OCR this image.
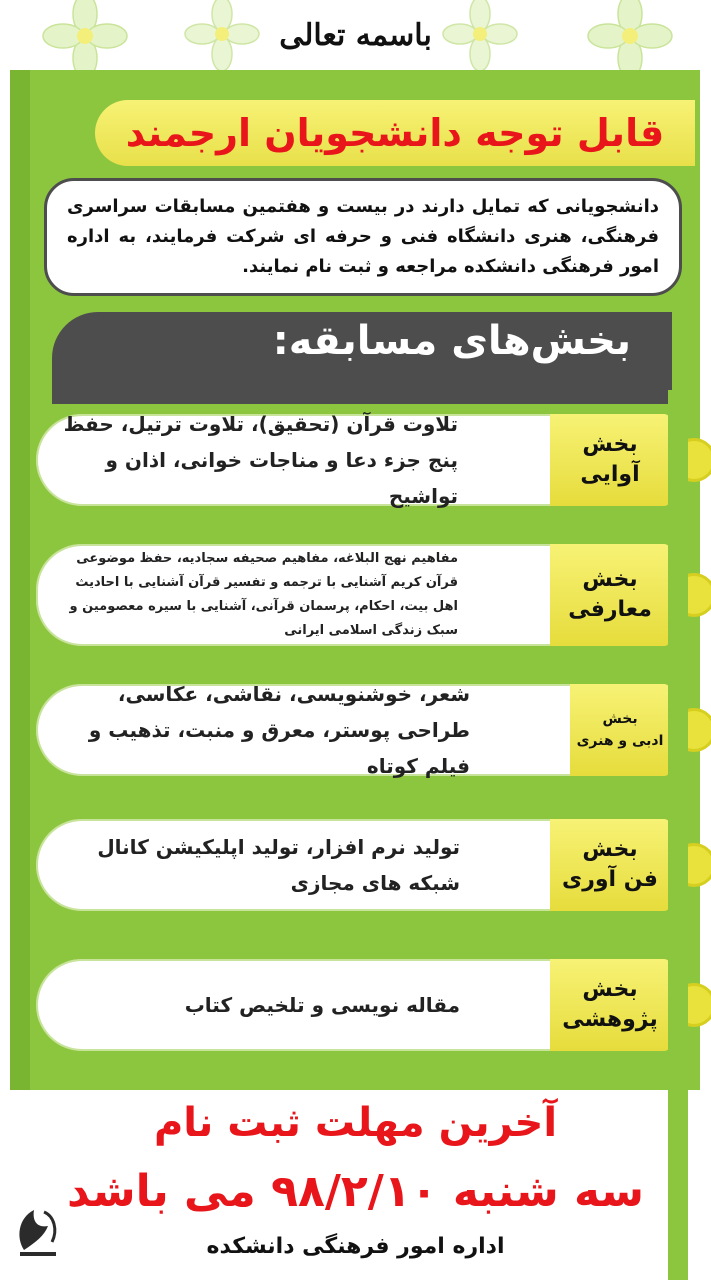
باسمه تعالی
قابل توجه دانشجویان ارجمند
دانشجویانی که تمایل دارند در بیست و هفتمین مسابقات سراسری فرهنگی، هنری دانشگاه فنی و حرفه ای شرکت فرمایند، به اداره امور فرهنگی دانشکده مراجعه و ثبت نام نمایند.
بخش‌های مسابقه:
تلاوت قرآن (تحقیق)، تلاوت ترتیل، حفظ پنج جزء دعا و مناجات خوانی، اذان و تواشیح
بخش
آوایی
مفاهیم نهج البلاغه، مفاهیم صحیفه سجادیه، حفظ موضوعی قرآن کریم آشنایی با ترجمه و تفسیر قرآن آشنایی با احادیث اهل بیت، احکام، پرسمان قرآنی، آشنایی با سیره معصومین و سبک زندگی اسلامی ایرانی
بخش
معارفی
شعر، خوشنویسی، نقاشی، عکاسی، طراحی پوستر، معرق و منبت، تذهیب و فیلم کوتاه
بخش
ادبی و هنری
تولید نرم افزار، تولید اپلیکیشن کانال شبکه های مجازی
بخش
فن آوری
مقاله نویسی و تلخیص کتاب
بخش
پژوهشی
آخرین مهلت ثبت نام
سه شنبه ۹۸/۲/۱۰ می باشد
اداره امور فرهنگی دانشکده
